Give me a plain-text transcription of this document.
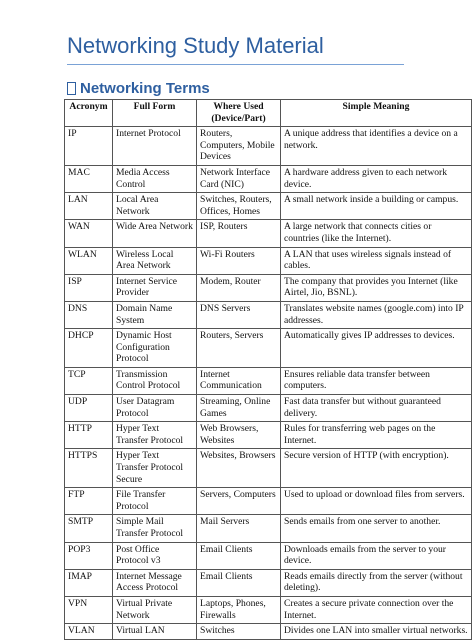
Networking Study Material
Networking Terms
Acronym	Full Form	Where Used (Device/Part)	Simple Meaning
IP	Internet Protocol	Routers, Computers, Mobile Devices	A unique address that identifies a device on a network.
MAC	Media Access Control	Network Interface Card (NIC)	A hardware address given to each network device.
LAN	Local Area Network	Switches, Routers, Offices, Homes	A small network inside a building or campus.
WAN	Wide Area Network	ISP, Routers	A large network that connects cities or countries (like the Internet).
WLAN	Wireless Local Area Network	Wi-Fi Routers	A LAN that uses wireless signals instead of cables.
ISP	Internet Service Provider	Modem, Router	The company that provides you Internet (like Airtel, Jio, BSNL).
DNS	Domain Name System	DNS Servers	Translates website names (google.com) into IP addresses.
DHCP	Dynamic Host Configuration Protocol	Routers, Servers	Automatically gives IP addresses to devices.
TCP	Transmission Control Protocol	Internet Communication	Ensures reliable data transfer between computers.
UDP	User Datagram Protocol	Streaming, Online Games	Fast data transfer but without guaranteed delivery.
HTTP	Hyper Text Transfer Protocol	Web Browsers, Websites	Rules for transferring web pages on the Internet.
HTTPS	Hyper Text Transfer Protocol Secure	Websites, Browsers	Secure version of HTTP (with encryption).
FTP	File Transfer Protocol	Servers, Computers	Used to upload or download files from servers.
SMTP	Simple Mail Transfer Protocol	Mail Servers	Sends emails from one server to another.
POP3	Post Office Protocol v3	Email Clients	Downloads emails from the server to your device.
IMAP	Internet Message Access Protocol	Email Clients	Reads emails directly from the server (without deleting).
VPN	Virtual Private Network	Laptops, Phones, Firewalls	Creates a secure private connection over the Internet.
VLAN	Virtual LAN	Switches	Divides one LAN into smaller virtual networks.
